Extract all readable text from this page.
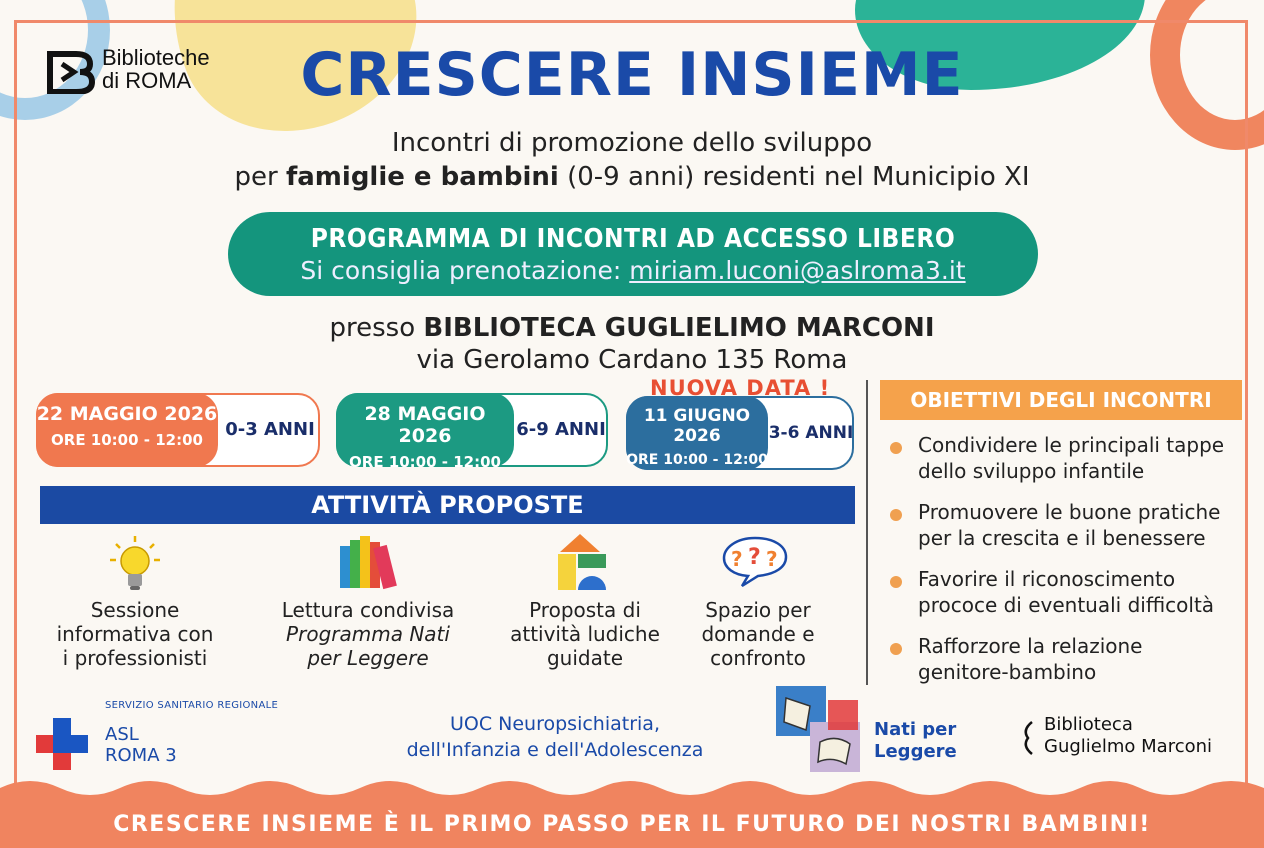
Biblioteche
di ROMA	CRESCERE INSIEME
Incontri di promozione dello sviluppo
per famiglie e bambini (0-9 anni) residenti nel Municipio XI
PROGRAMMA DI INCONTRI AD ACCESSO LIBERO
Si consiglia prenotazione: miriam.luconi@aslroma3.it
presso BIBLIOTECA GUGLIELIMO MARCONI
via Gerolamo Cardano 135 Roma
22 MAGGIO 2026
ORE 10:00 - 12:00	0-3 ANNI
28 MAGGIO 2026
ORE 10:00 - 12:00
6-9 ANNI
11 GIUGNO 2026
ORE 10:00 - 12:00
3-6 ANNI
NUOVA DATA !
ATTIVITÀ PROPOSTE
? ? ?
Sessione
informativa con
i professionisti
Lettura condivisa
Programma Nati
per Leggere
Proposta di
attività ludiche
guidate
Spazio per
domande e
confronto
OBIETTIVI DEGLI INCONTRI
Condividere le principali tappe
dello sviluppo infantile
Promuovere le buone pratiche
per la crescita e il benessere
Favorire il riconoscimento
prococe di eventuali difficoltà
Rafforzore la relazione
genitore-bambino
SERVIZIO SANITARIO REGIONALE
ASL
ROMA 3
UOC Neuropsichiatria,
dell'Infanzia e dell'Adolescenza
Nati per
Leggere
Biblioteca
Guglielmo Marconi
CRESCERE INSIEME È IL PRIMO PASSO PER IL FUTURO DEI NOSTRI BAMBINI!
